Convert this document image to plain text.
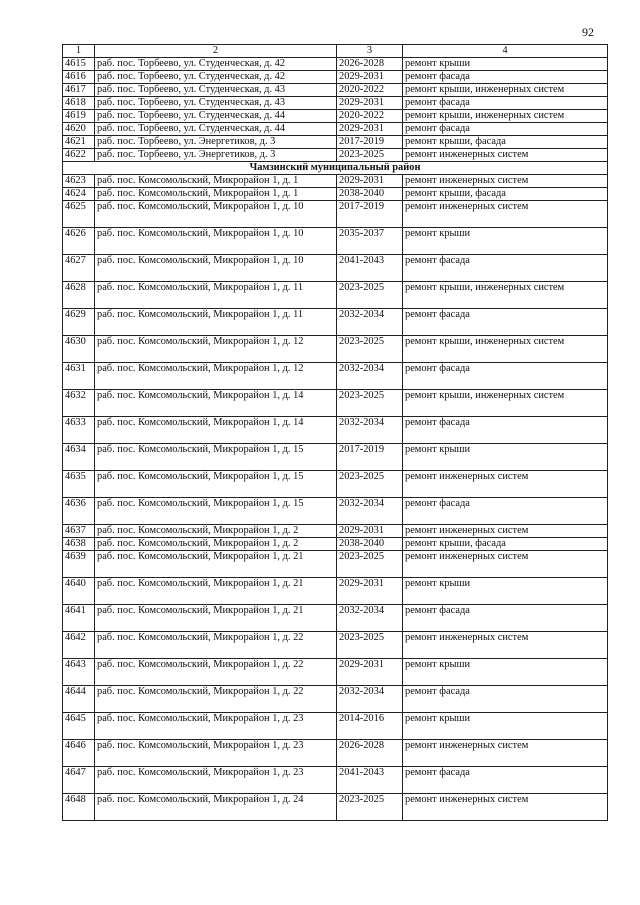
92
1	2	3	4
4615	раб. пос. Торбеево, ул. Студенческая, д. 42	2026-2028	ремонт крыши
4616	раб. пос. Торбеево, ул. Студенческая, д. 42	2029-2031	ремонт фасада
4617	раб. пос. Торбеево, ул. Студенческая, д. 43	2020-2022	ремонт крыши, инженерных систем
4618	раб. пос. Торбеево, ул. Студенческая, д. 43	2029-2031	ремонт фасада
4619	раб. пос. Торбеево, ул. Студенческая, д. 44	2020-2022	ремонт крыши, инженерных систем
4620	раб. пос. Торбеево, ул. Студенческая, д. 44	2029-2031	ремонт фасада
4621	раб. пос. Торбеево, ул. Энергетиков, д. 3	2017-2019	ремонт крыши, фасада
4622	раб. пос. Торбеево, ул. Энергетиков, д. 3	2023-2025	ремонт инженерных систем
Чамзинский муниципальный район			
4623	раб. пос. Комсомольский, Микрорайон 1, д. 1	2029-2031	ремонт инженерных систем
4624	раб. пос. Комсомольский, Микрорайон 1, д. 1	2038-2040	ремонт крыши, фасада
4625	раб. пос. Комсомольский, Микрорайон 1, д. 10	2017-2019	ремонт инженерных систем
4626	раб. пос. Комсомольский, Микрорайон 1, д. 10	2035-2037	ремонт крыши
4627	раб. пос. Комсомольский, Микрорайон 1, д. 10	2041-2043	ремонт фасада
4628	раб. пос. Комсомольский, Микрорайон 1, д. 11	2023-2025	ремонт крыши, инженерных систем
4629	раб. пос. Комсомольский, Микрорайон 1, д. 11	2032-2034	ремонт фасада
4630	раб. пос. Комсомольский, Микрорайон 1, д. 12	2023-2025	ремонт крыши, инженерных систем
4631	раб. пос. Комсомольский, Микрорайон 1, д. 12	2032-2034	ремонт фасада
4632	раб. пос. Комсомольский, Микрорайон 1, д. 14	2023-2025	ремонт крыши, инженерных систем
4633	раб. пос. Комсомольский, Микрорайон 1, д. 14	2032-2034	ремонт фасада
4634	раб. пос. Комсомольский, Микрорайон 1, д. 15	2017-2019	ремонт крыши
4635	раб. пос. Комсомольский, Микрорайон 1, д. 15	2023-2025	ремонт инженерных систем
4636	раб. пос. Комсомольский, Микрорайон 1, д. 15	2032-2034	ремонт фасада
4637	раб. пос. Комсомольский, Микрорайон 1, д. 2	2029-2031	ремонт инженерных систем
4638	раб. пос. Комсомольский, Микрорайон 1, д. 2	2038-2040	ремонт крыши, фасада
4639	раб. пос. Комсомольский, Микрорайон 1, д. 21	2023-2025	ремонт инженерных систем
4640	раб. пос. Комсомольский, Микрорайон 1, д. 21	2029-2031	ремонт крыши
4641	раб. пос. Комсомольский, Микрорайон 1, д. 21	2032-2034	ремонт фасада
4642	раб. пос. Комсомольский, Микрорайон 1, д. 22	2023-2025	ремонт инженерных систем
4643	раб. пос. Комсомольский, Микрорайон 1, д. 22	2029-2031	ремонт крыши
4644	раб. пос. Комсомольский, Микрорайон 1, д. 22	2032-2034	ремонт фасада
4645	раб. пос. Комсомольский, Микрорайон 1, д. 23	2014-2016	ремонт крыши
4646	раб. пос. Комсомольский, Микрорайон 1, д. 23	2026-2028	ремонт инженерных систем
4647	раб. пос. Комсомольский, Микрорайон 1, д. 23	2041-2043	ремонт фасада
4648	раб. пос. Комсомольский, Микрорайон 1, д. 24	2023-2025	ремонт инженерных систем
